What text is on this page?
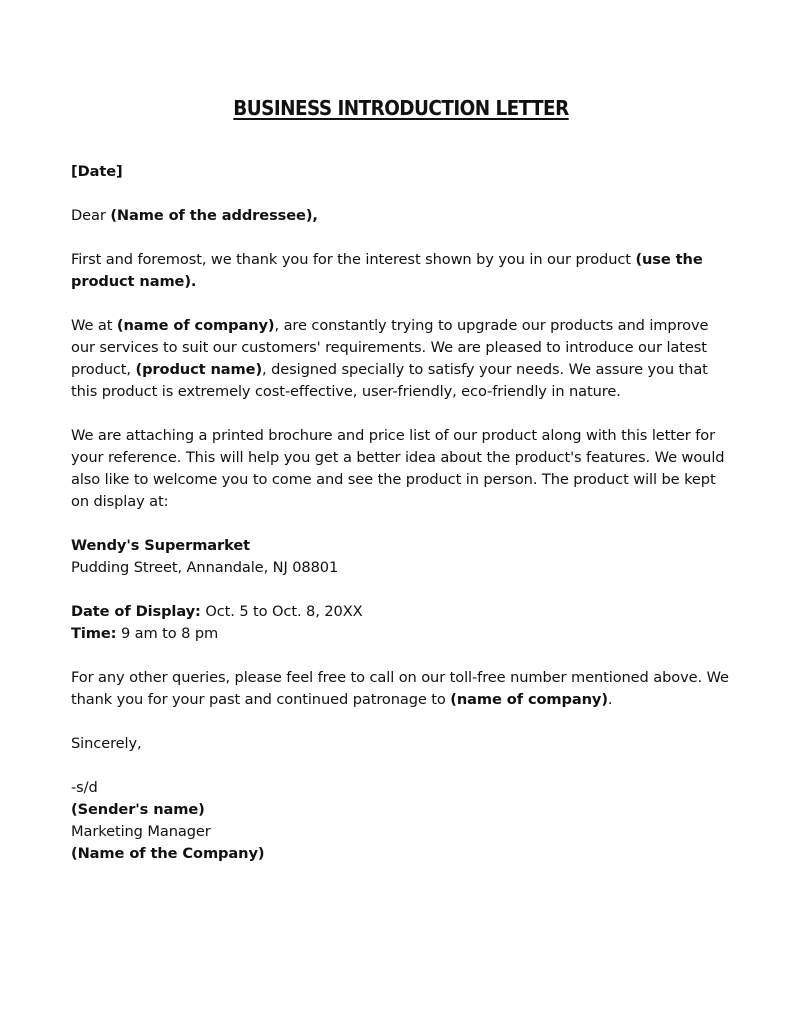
BUSINESS INTRODUCTION LETTER

[Date]

Dear (Name of the addressee),

First and foremost, we thank you for the interest shown by you in our product (use the product name).

We at (name of company), are constantly trying to upgrade our products and improve our services to suit our customers' requirements. We are pleased to introduce our latest product, (product name), designed specially to satisfy your needs. We assure you that this product is extremely cost-effective, user-friendly, eco-friendly in nature.

We are attaching a printed brochure and price list of our product along with this letter for your reference. This will help you get a better idea about the product's features. We would also like to welcome you to come and see the product in person. The product will be kept on display at:

Wendy's Supermarket
Pudding Street, Annandale, NJ 08801

Date of Display: Oct. 5 to Oct. 8, 20XX
Time: 9 am to 8 pm

For any other queries, please feel free to call on our toll-free number mentioned above. We thank you for your past and continued patronage to (name of company).

Sincerely,

-s/d
(Sender's name)
Marketing Manager
(Name of the Company)
